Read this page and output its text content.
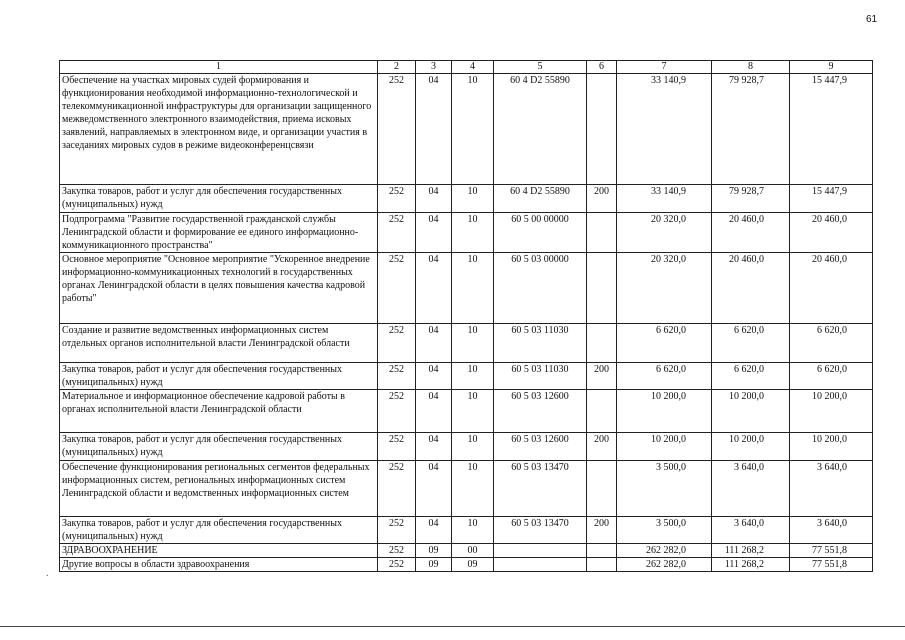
61
.
1	2	3	4	5	6	7	8	9
Обеспечение на участках мировых судей формирования и функционирования необходимой информационно-технологической и телекоммуникационной инфраструктуры для организации защищенного межведомственного электронного взаимодействия, приема исковых заявлений, направляемых в электронном виде, и организации участия в заседаниях мировых судов в режиме видеоконференцсвязи	252	04	10	60 4 D2 55890		33 140,9	79 928,7	15 447,9
Закупка товаров, работ и услуг для обеспечения государственных (муниципальных) нужд	252	04	10	60 4 D2 55890	200	33 140,9	79 928,7	15 447,9
Подпрограмма "Развитие государственной гражданской службы Ленинградской области и формирование ее единого информационно-коммуникационного пространства"	252	04	10	60 5 00 00000		20 320,0	20 460,0	20 460,0
Основное мероприятие "Основное мероприятие "Ускоренное внедрение информационно-коммуникационных технологий в государственных органах Ленинградской области в целях повышения качества кадровой работы"	252	04	10	60 5 03 00000		20 320,0	20 460,0	20 460,0
Создание и развитие ведомственных информационных систем отдельных органов исполнительной власти Ленинградской области	252	04	10	60 5 03 11030		6 620,0	6 620,0	6 620,0
Закупка товаров, работ и услуг для обеспечения государственных (муниципальных) нужд	252	04	10	60 5 03 11030	200	6 620,0	6 620,0	6 620,0
Материальное и информационное обеспечение кадровой работы в органах исполнительной власти Ленинградской области	252	04	10	60 5 03 12600		10 200,0	10 200,0	10 200,0
Закупка товаров, работ и услуг для обеспечения государственных (муниципальных) нужд	252	04	10	60 5 03 12600	200	10 200,0	10 200,0	10 200,0
Обеспечение функционирования региональных сегментов федеральных информационных систем, региональных информационных систем Ленинградской области и ведомственных информационных систем	252	04	10	60 5 03 13470		3 500,0	3 640,0	3 640,0
Закупка товаров, работ и услуг для обеспечения государственных (муниципальных) нужд	252	04	10	60 5 03 13470	200	3 500,0	3 640,0	3 640,0
ЗДРАВООХРАНЕНИЕ	252	09	00			262 282,0	111 268,2	77 551,8
Другие вопросы в области здравоохранения	252	09	09			262 282,0	111 268,2	77 551,8
